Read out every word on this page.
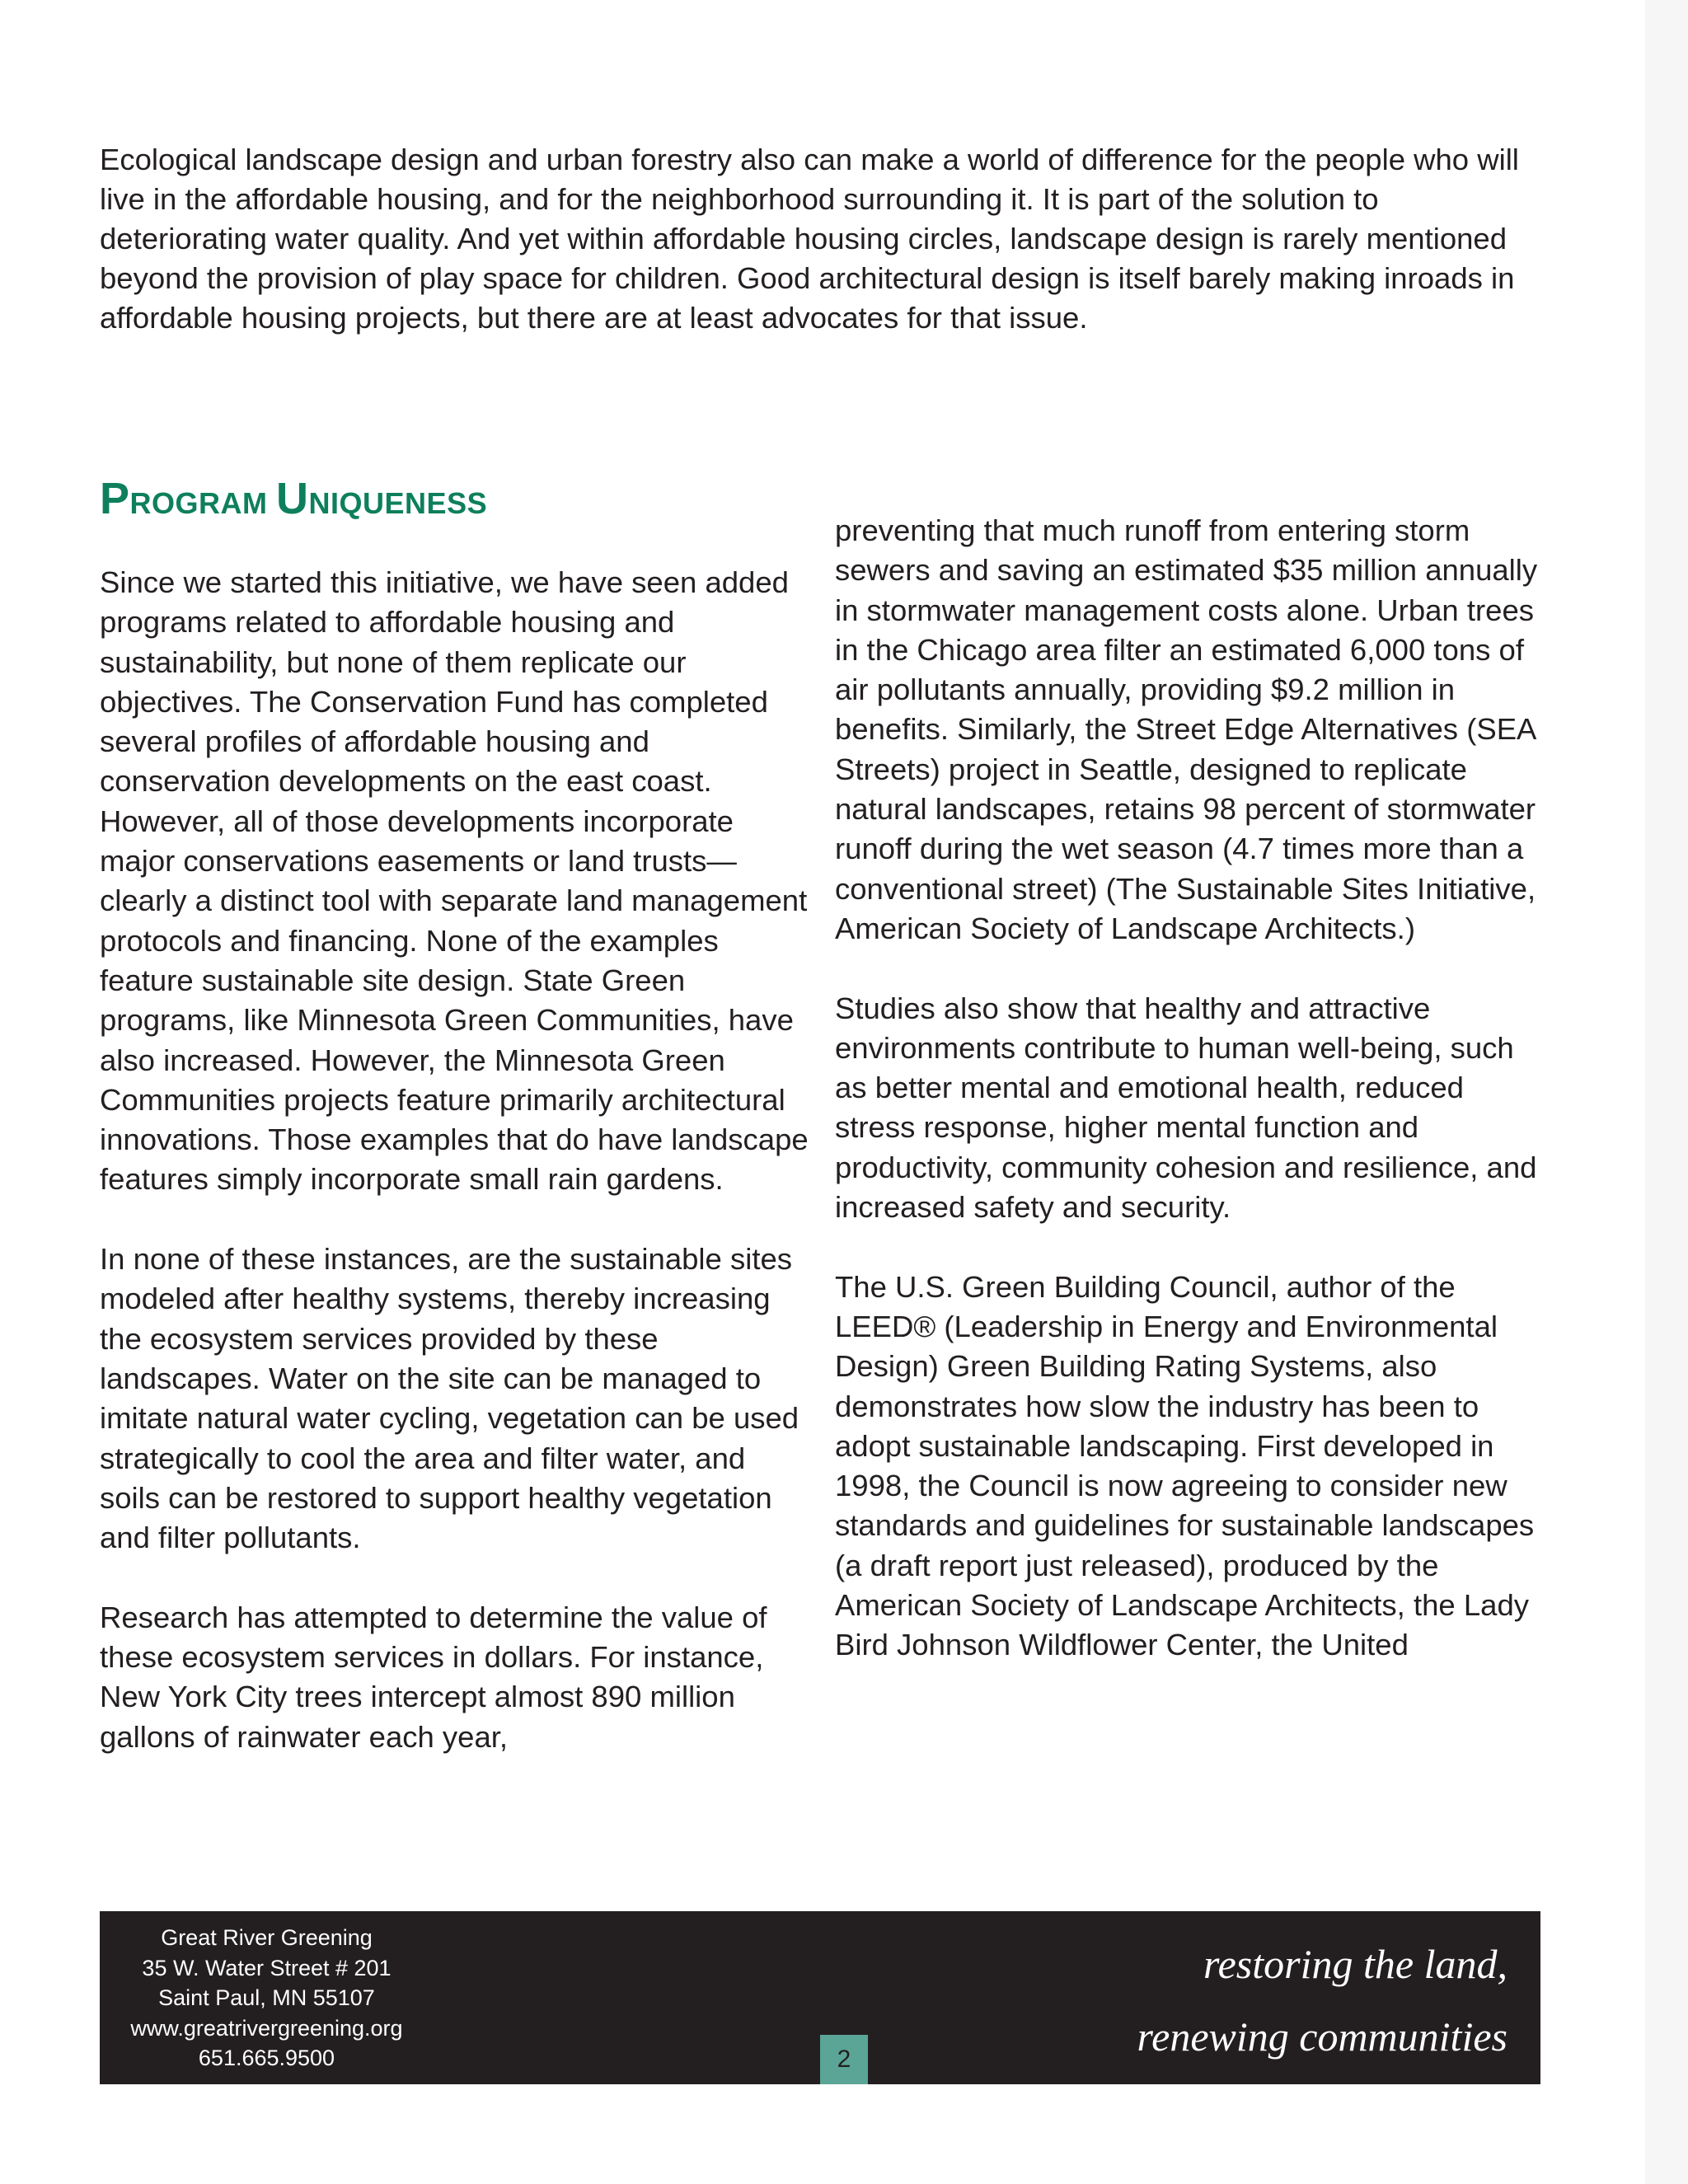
Ecological landscape design and urban forestry also can make a world of difference for the people who will live in the affordable housing, and for the neighborhood surrounding it. It is part of the solution to deteriorating water quality. And yet within affordable housing circles, landscape design is rarely mentioned beyond the provision of play space for children. Good architectural design is itself barely making inroads in affordable housing projects, but there are at least advocates for that issue.

PROGRAM UNIQUENESS

Since we started this initiative, we have seen added programs related to affordable housing and sustainability, but none of them replicate our objectives. The Conservation Fund has completed several profiles of affordable housing and conservation developments on the east coast. However, all of those developments incorporate major conservations easements or land trusts—clearly a distinct tool with separate land management protocols and financing. None of the examples feature sustainable site design. State Green programs, like Minnesota Green Communities, have also increased. However, the Minnesota Green Communities projects feature primarily architectural innovations. Those examples that do have landscape features simply incorporate small rain gardens.

In none of these instances, are the sustainable sites modeled after healthy systems, thereby increasing the ecosystem services provided by these landscapes. Water on the site can be managed to imitate natural water cycling, vegetation can be used strategically to cool the area and filter water, and soils can be restored to support healthy vegetation and filter pollutants.

Research has attempted to determine the value of these ecosystem services in dollars. For instance, New York City trees intercept almost 890 million gallons of rainwater each year,

preventing that much runoff from entering storm sewers and saving an estimated $35 million annually in stormwater management costs alone. Urban trees in the Chicago area filter an estimated 6,000 tons of air pollutants annually, providing $9.2 million in benefits. Similarly, the Street Edge Alternatives (SEA Streets) project in Seattle, designed to replicate natural landscapes, retains 98 percent of stormwater runoff during the wet season (4.7 times more than a conventional street) (The Sustainable Sites Initiative, American Society of Landscape Architects.)

Studies also show that healthy and attractive environments contribute to human well-being, such as better mental and emotional health, reduced stress response, higher mental function and productivity, community cohesion and resilience, and increased safety and security.

The U.S. Green Building Council, author of the LEED® (Leadership in Energy and Environmental Design) Green Building Rating Systems, also demonstrates how slow the industry has been to adopt sustainable landscaping. First developed in 1998, the Council is now agreeing to consider new standards and guidelines for sustainable landscapes (a draft report just released), produced by the American Society of Landscape Architects, the Lady Bird Johnson Wildflower Center, the United

Great River Greening
35 W. Water Street # 201
Saint Paul, MN 55107
www.greatrivergreening.org
651.665.9500	2
restoring the land,
renewing communities
